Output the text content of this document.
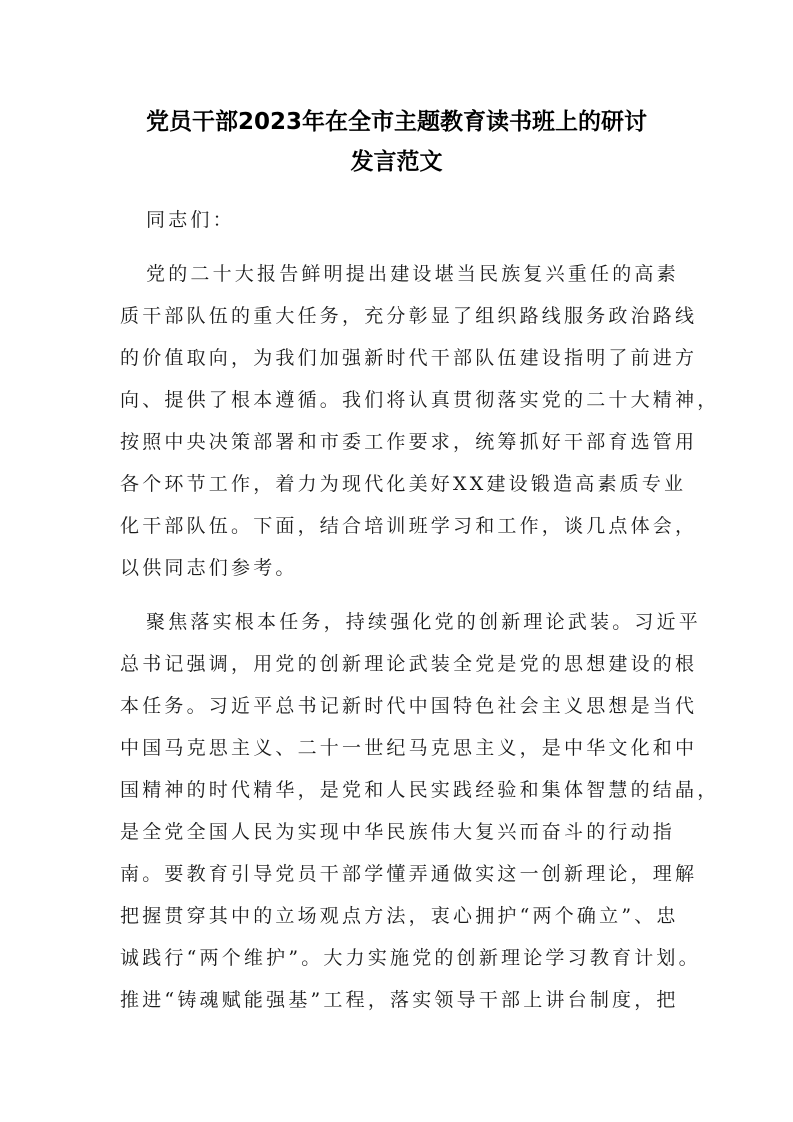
党员干部2023年在全市主题教育读书班上的研讨
发言范文
同志们：
党的二十大报告鲜明提出建设堪当民族复兴重任的高素
质干部队伍的重大任务，充分彰显了组织路线服务政治路线
的价值取向，为我们加强新时代干部队伍建设指明了前进方
向、提供了根本遵循。我们将认真贯彻落实党的二十大精神，
按照中央决策部署和市委工作要求，统筹抓好干部育选管用
各个环节工作，着力为现代化美好XX建设锻造高素质专业
化干部队伍。下面，结合培训班学习和工作，谈几点体会，
以供同志们参考。
聚焦落实根本任务，持续强化党的创新理论武装。习近平
总书记强调，用党的创新理论武装全党是党的思想建设的根
本任务。习近平总书记新时代中国特色社会主义思想是当代
中国马克思主义、二十一世纪马克思主义，是中华文化和中
国精神的时代精华，是党和人民实践经验和集体智慧的结晶，
是全党全国人民为实现中华民族伟大复兴而奋斗的行动指
南。要教育引导党员干部学懂弄通做实这一创新理论，理解
把握贯穿其中的立场观点方法，衷心拥护“两个确立”、忠
诚践行“两个维护”。大力实施党的创新理论学习教育计划。
推进“铸魂赋能强基”工程，落实领导干部上讲台制度，把
